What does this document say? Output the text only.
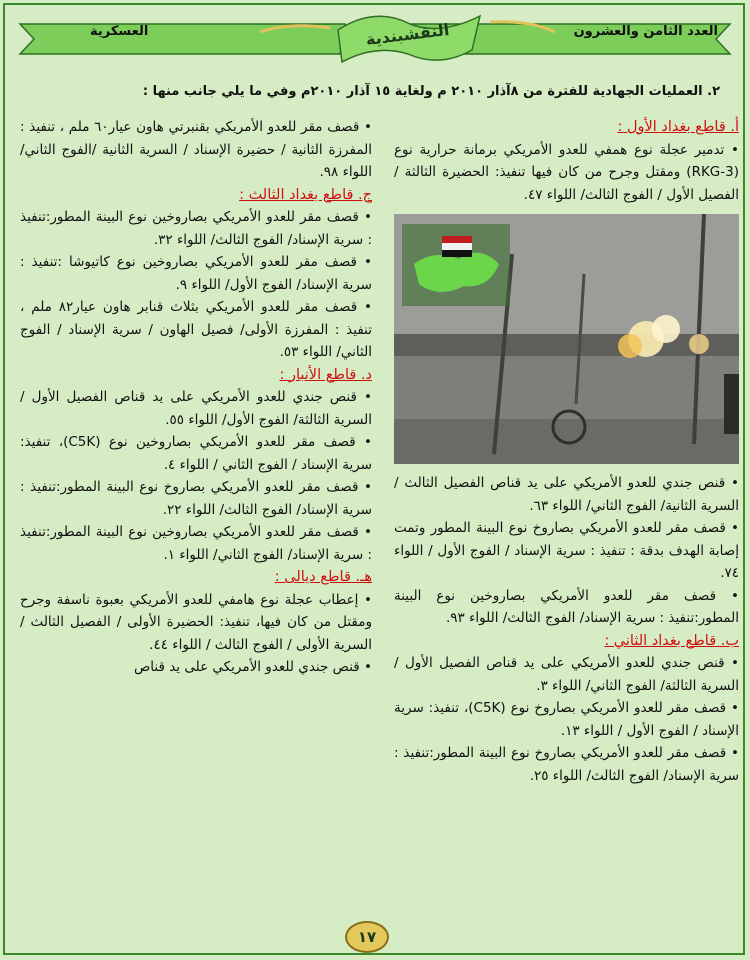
العدد الثامن والعشرون
العسكرية	النقشبندية
٢. العمليات الجهادية للفترة من ٨آذار ٢٠١٠ م ولغاية ١٥ آذار ٢٠١٠م وفي ما يلي جانب منها :

أ. قاطع بغداد الأول :

• تدمير عجلة نوع همفي للعدو الأمريكي برمانة حرارية نوع (RKG-3) ومقتل وجرح من كان فيها تنفيذ: الحضيرة الثالثة / الفصيل الأول / الفوج الثالث/ اللواء ٤٧.

• قنص جندي للعدو الأمريكي على يد قناص الفصيل الثالث / السرية الثانية/ الفوج الثاني/ اللواء ٦٣.

• قصف مقر للعدو الأمريكي بصاروخ نوع البينة المطور وتمت إصابة الهدف بدقة : تنفيذ : سرية الإسناد / الفوج الأول / اللواء ٧٤.

• قصف مقر للعدو الأمريكي بصاروخين نوع البينة المطور:تنفيذ : سرية الإسناد/ الفوج الثالث/ اللواء ٩٣.

ب. قاطع بغداد الثاني :

• قنص جندي للعدو الأمريكي على يد قناص الفصيل الأول / السرية الثالثة/ الفوج الثاني/ اللواء ٣.

• قصف مقر للعدو الأمريكي بصاروخ نوع (C5K)، تنفيذ: سرية الإسناد / الفوج الأول / اللواء ١٣.

• قصف مقر للعدو الأمريكي بصاروخ نوع البينة المطور:تنفيذ : سرية الإسناد/ الفوج الثالث/ اللواء ٢٥.

• قصف مقر للعدو الأمريكي بقنبرتي هاون عيار٦٠ ملم ، تنفيذ : المفرزة الثانية / حضيرة الإسناد / السرية الثانية /الفوج الثاني/ اللواء ٩٨.

ج. قاطع بغداد الثالث :

• قصف مقر للعدو الأمريكي بصاروخين نوع البينة المطور:تنفيذ : سرية الإسناد/ الفوج الثالث/ اللواء ٣٢.

• قصف مقر للعدو الأمريكي بصاروخين نوع كاتيوشا :تنفيذ : سرية الإسناد/ الفوج الأول/ اللواء ٩.

• قصف مقر للعدو الأمريكي بثلاث قنابر هاون عيار٨٢ ملم ، تنفيذ : المفرزة الأولى/ فصيل الهاون / سرية الإسناد / الفوج الثاني/ اللواء ٥٣.

د. قاطع الأنبار :

• قنص جندي للعدو الأمريكي على يد قناص الفصيل الأول / السرية الثالثة/ الفوج الأول/ اللواء ٥٥.

• قصف مقر للعدو الأمريكي بصاروخين نوع (C5K)، تنفيذ: سرية الإسناد / الفوج الثاني / اللواء ٤.

• قصف مقر للعدو الأمريكي بصاروخ نوع البينة المطور:تنفيذ : سرية الإسناد/ الفوج الثالث/ اللواء ٢٢.

• قصف مقر للعدو الأمريكي بصاروخين نوع البينة المطور:تنفيذ : سرية الإسناد/ الفوج الثاني/ اللواء ١.

هـ. قاطع ديالى :

• إعطاب عجلة نوع هامفي للعدو الأمريكي بعبوة ناسفة وجرح ومقتل من كان فيها، تنفيذ: الحضيرة الأولى / الفصيل الثالث / السرية الأولى / الفوج الثالث / اللواء ٤٤.

• قنص جندي للعدو الأمريكي على يد قناص

١٧
